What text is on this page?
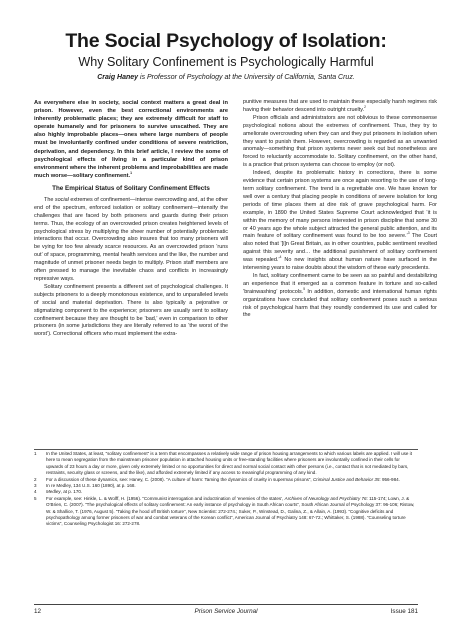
The Social Psychology of Isolation:
Why Solitary Confinement is Psychologically Harmful
Craig Haney is Professor of Psychology at the University of California, Santa Cruz.

As everywhere else in society, social context matters a great deal in prison. However, even the best correctional environments are inherently problematic places; they are extremely difficult for staff to operate humanely and for prisoners to survive unscathed. They are also highly improbable places—ones where large numbers of people must be involuntarily confined under conditions of severe restriction, deprivation, and dependency. In this brief article, I review the some of psychological effects of living in a particular kind of prison environment where the inherent problems and improbabilities are made much worse—solitary confinement.$^1$

The Empirical Status of Solitary Confinement Effects

The social extremes of confinement—intense overcrowding and, at the other end of the spectrum, enforced isolation or solitary confinement—intensify the challenges that are faced by both prisoners and guards during their prison terms. Thus, the ecology of an overcrowded prison creates heightened levels of psychological stress by multiplying the sheer number of potentially problematic interactions that occur. Overcrowding also insures that too many prisoners will be vying for too few already scarce resources. As an overcrowded prison ‘runs out’ of space, programming, mental health services and the like, the number and magnitude of unmet prisoner needs begin to multiply. Prison staff members are often pressed to manage the inevitable chaos and conflicts in increasingly repressive ways.

Solitary confinement presents a different set of psychological challenges. It subjects prisoners to a deeply monotonous existence, and to unparalleled levels of social and material deprivation. There is also typically a pejorative or stigmatizing component to the experience; prisoners are usually sent to solitary confinement because they are thought to be ‘bad,’ even in comparison to other prisoners (in some jurisdictions they are literally referred to as ‘the worst of the worst’). Correctional officers who must implement the extra-

punitive measures that are used to maintain these especially harsh regimes risk having their behavior descend into outright cruelty.$^2$

Prison officials and administrators are not oblivious to these commonsense psychological notions about the extremes of confinement. Thus, they try to ameliorate overcrowding when they can and they put prisoners in isolation when they want to punish them. However, overcrowding is regarded as an unwanted anomaly—something that prison systems never seek out but nonetheless are forced to reluctantly accommodate to. Solitary confinement, on the other hand, is a practice that prison systems can choose to employ (or not).

Indeed, despite its problematic history in corrections, there is some evidence that certain prison systems are once again resorting to the use of long-term solitary confinement. The trend is a regrettable one. We have known for well over a century that placing people in conditions of severe isolation for long periods of time places them at dire risk of grave psychological harm. For example, in 1890 the United States Supreme Court acknowledged that ‘it is within the memory of many persons interested in prison discipline that some 30 or 40 years ago the whole subject attracted the general public attention, and its main feature of solitary confinement was found to be too severe.’$^3$ The Court also noted that ‘[i]n Great Britain, as in other countries, public sentiment revolted against this severity and… the additional punishment of solitary confinement was repealed.’$^4$ No new insights about human nature have surfaced in the intervening years to raise doubts about the wisdom of these early precedents.

In fact, solitary confinement came to be seen as so painful and destabilizing an experience that it emerged as a common feature in torture and so-called ‘brainwashing’ protocols.$^5$ In addition, domestic and international human rights organizations have concluded that solitary confinement poses such a serious risk of psychological harm that they roundly condemned its use and called for the

1	In the United States, at least, “solitary confinement” is a term that encompasses a relatively wide range of prison housing arrangements to which various labels are applied. I will use it here to mean segregation from the mainstream prisoner population in attached housing units or free-standing facilities where prisoners are involuntarily confined in their cells for upwards of 23 hours a day or more, given only extremely limited or no opportunities for direct and normal social contact with other persons (i.e., contact that is not mediated by bars, restraints, security glass or screens, and the like), and afforded extremely limited if any access to meaningful programming of any kind.
2	For a discussion of these dynamics, see: Haney, C. (2008). “A culture of harm: Taming the dynamics of cruelty in supermax prisons”, Criminal Justice and Behavior 35: 956-984.
3	In re Medley, 134 U.S. 160 (1890), at p. 168.
4	Medley, at p. 170.
5	For example, see: Hinkle, L. & Wolff, H. (1956). “Communist interrogation and indoctrination of ‘enemies of the states’, Archives of Neurology and Psychiatry 76: 115-174; Lown, J. & O’Brien, C. (2007). “The psychological effects of solitary confinement: An early instance of psychology in South African courts”, South African Journal of Psychology 37: 96-106; Ristow, W. & Shallice, T. (1976, August 5). “Taking the hood off British torture”, New Scientist: 272-274.; Suker, P., Winstead, D., Galina, Z., & Allain, A. (1993). “Cognitive deficits and psychopathology among former prisoners of war and combat veterans of the Korean conflict”, American Journal of Psychiatry 148: 67-72.; Whittaker, S. (1988). “Counseling torture victims”, Counseling Psychologist 16: 272-278.
12	Prison Service Journal	Issue 181
